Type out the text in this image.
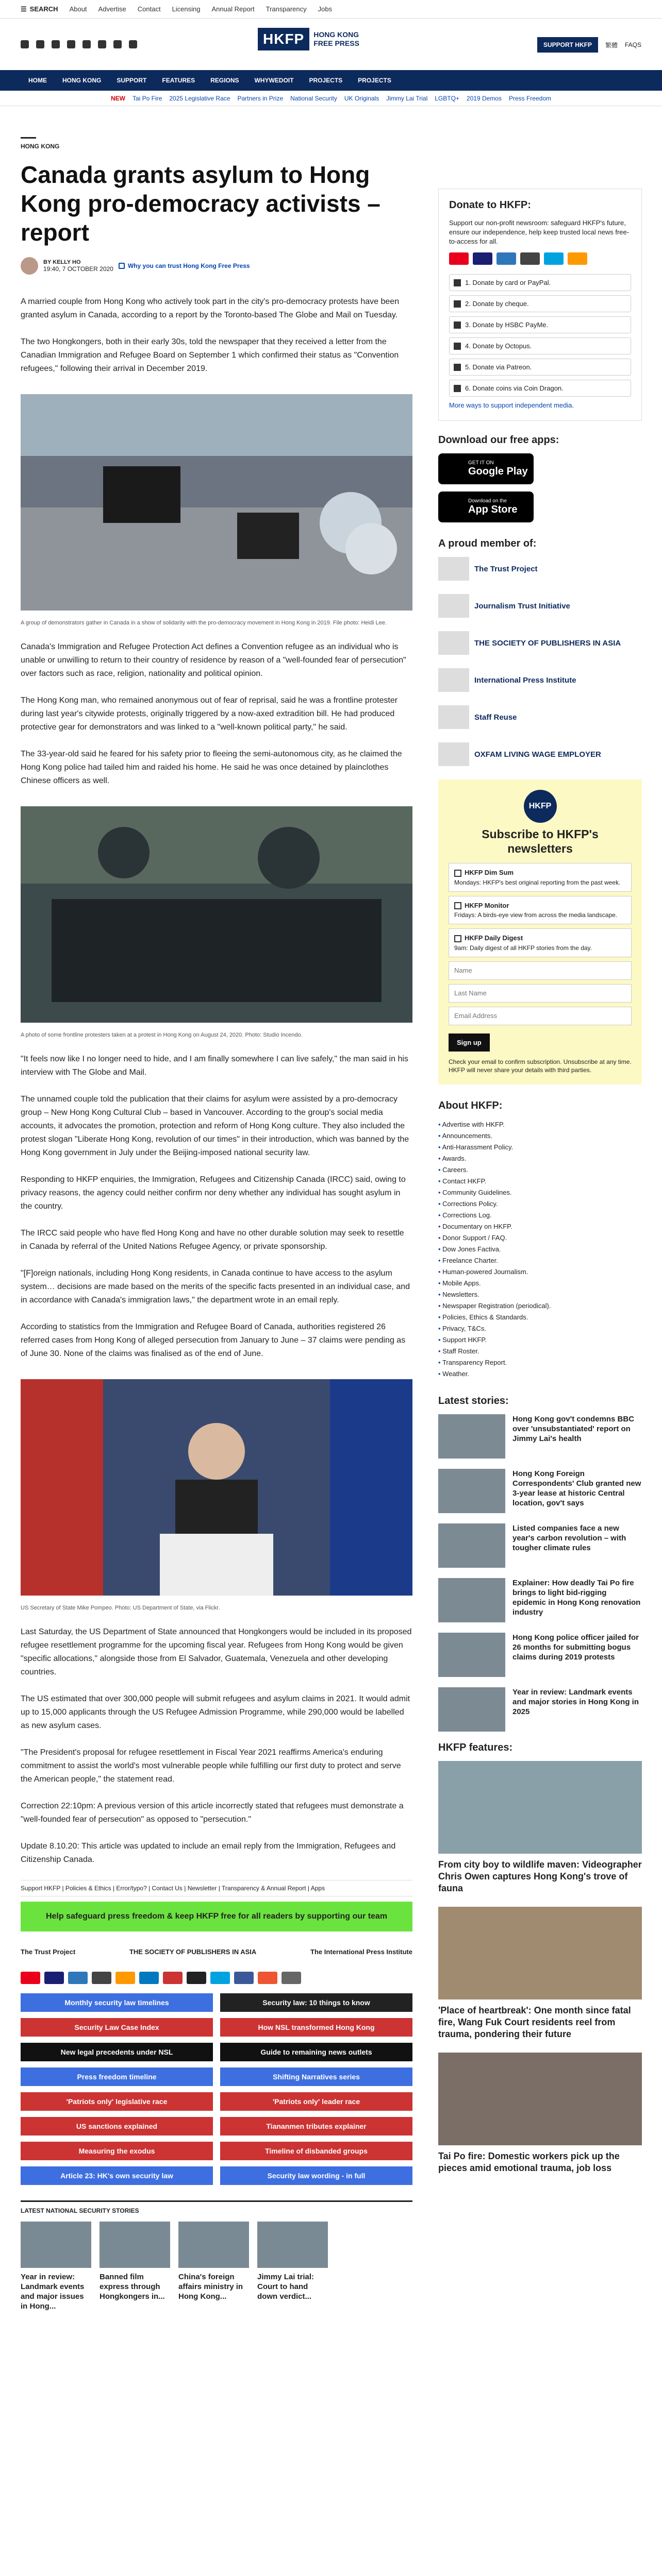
☰ SEARCH About Advertise Contact Licensing Annual Report Transparency Jobs
HKFP	HONG KONG
FREE PRESS	SUPPORT HKFP	繁體 FAQS
HOME	HONG KONG	SUPPORT	FEATURES	REGIONS	WHYWEDOIT	PROJECTS	PROJECTS
NEW Tai Po Fire 2025 Legislative Race Partners in Prize National Security UK Originals Jimmy Lai Trial LGBTQ+ 2019 Demos Press Freedom
HONG KONG
Canada grants asylum to Hong Kong pro-democracy activists – report
BY KELLY HO
19:40, 7 OCTOBER 2020 Why you can trust Hong Kong Free Press

A married couple from Hong Kong who actively took part in the city's pro-democracy protests have been granted asylum in Canada, according to a report by the Toronto-based The Globe and Mail on Tuesday.

The two Hongkongers, both in their early 30s, told the newspaper that they received a letter from the Canadian Immigration and Refugee Board on September 1 which confirmed their status as "Convention refugees," following their arrival in December 2019.

A group of demonstrators gather in Canada in a show of solidarity with the pro-democracy movement in Hong Kong in 2019. File photo: Heidi Lee.

Canada's Immigration and Refugee Protection Act defines a Convention refugee as an individual who is unable or unwilling to return to their country of residence by reason of a "well-founded fear of persecution" over factors such as race, religion, nationality and political opinion.

The Hong Kong man, who remained anonymous out of fear of reprisal, said he was a frontline protester during last year's citywide protests, originally triggered by a now-axed extradition bill. He had produced protective gear for demonstrators and was linked to a "well-known political party," he said.

The 33-year-old said he feared for his safety prior to fleeing the semi-autonomous city, as he claimed the Hong Kong police had tailed him and raided his home. He said he was once detained by plainclothes Chinese officers as well.

A photo of some frontline protesters taken at a protest in Hong Kong on August 24, 2020. Photo: Studio Incendo.

"It feels now like I no longer need to hide, and I am finally somewhere I can live safely," the man said in his interview with The Globe and Mail.

The unnamed couple told the publication that their claims for asylum were assisted by a pro-democracy group – New Hong Kong Cultural Club – based in Vancouver. According to the group's social media accounts, it advocates the promotion, protection and reform of Hong Kong culture. They also included the protest slogan "Liberate Hong Kong, revolution of our times" in their introduction, which was banned by the Hong Kong government in July under the Beijing-imposed national security law.

Responding to HKFP enquiries, the Immigration, Refugees and Citizenship Canada (IRCC) said, owing to privacy reasons, the agency could neither confirm nor deny whether any individual has sought asylum in the country.

The IRCC said people who have fled Hong Kong and have no other durable solution may seek to resettle in Canada by referral of the United Nations Refugee Agency, or private sponsorship.

"[F]oreign nationals, including Hong Kong residents, in Canada continue to have access to the asylum system… decisions are made based on the merits of the specific facts presented in an individual case, and in accordance with Canada's immigration laws," the department wrote in an email reply.

According to statistics from the Immigration and Refugee Board of Canada, authorities registered 26 referred cases from Hong Kong of alleged persecution from January to June – 37 claims were pending as of June 30. None of the claims was finalised as of the end of June.

US Secretary of State Mike Pompeo. Photo: US Department of State, via Flickr.

Last Saturday, the US Department of State announced that Hongkongers would be included in its proposed refugee resettlement programme for the upcoming fiscal year. Refugees from Hong Kong would be given "specific allocations," alongside those from El Salvador, Guatemala, Venezuela and other developing countries.

The US estimated that over 300,000 people will submit refugees and asylum claims in 2021. It would admit up to 15,000 applicants through the US Refugee Admission Programme, while 290,000 would be labelled as new asylum cases.

"The President's proposal for refugee resettlement in Fiscal Year 2021 reaffirms America's enduring commitment to assist the world's most vulnerable people while fulfilling our first duty to protect and serve the American people," the statement read.

Correction 22:10pm: A previous version of this article incorrectly stated that refugees must demonstrate a "well-founded fear of persecution" as opposed to "persecution."

Update 8.10.20: This article was updated to include an email reply from the Immigration, Refugees and Citizenship Canada.

Support HKFP | Policies & Ethics | Error/typo? | Contact Us | Newsletter | Transparency & Annual Report | Apps
Help safeguard press freedom & keep HKFP free for all readers by supporting our team
The Trust Project	THE SOCIETY OF PUBLISHERS IN ASIA	The International Press Institute
Monthly security law timelines	Security law: 10 things to know
Security Law Case Index	How NSL transformed Hong Kong
New legal precedents under NSL	Guide to remaining news outlets
Press freedom timeline	Shifting Narratives series
'Patriots only' legislative race	'Patriots only' leader race
US sanctions explained	Tiananmen tributes explainer
Measuring the exodus	Timeline of disbanded groups
Article 23: HK's own security law	Security law wording - in full
LATEST NATIONAL SECURITY STORIES

Year in review: Landmark events and major issues in Hong...

Banned film express through Hongkongers in...

China's foreign affairs ministry in Hong Kong...

Jimmy Lai trial: Court to hand down verdict...

Donate to HKFP:

Support our non-profit newsroom: safeguard HKFP's future, ensure our independence, help keep trusted local news free-to-access for all.

1. Donate by card or PayPal.
2. Donate by cheque.
3. Donate by HSBC PayMe.
4. Donate by Octopus.
5. Donate via Patreon.
6. Donate coins via Coin Dragon.
More ways to support independent media.
Download our free apps:
GET IT ON
Google Play
Download on the
App Store
A proud member of:
The Trust Project
Journalism Trust Initiative
THE SOCIETY OF PUBLISHERS IN ASIA
International Press Institute
Staff Reuse
OXFAM LIVING WAGE EMPLOYER
HKFP
Subscribe to HKFP's newsletters
HKFP Dim Sum
Mondays: HKFP's best original reporting from the past week.
HKFP Monitor
Fridays: A birds-eye view from across the media landscape.
HKFP Daily Digest
9am: Daily digest of all HKFP stories from the day.
Name Last Name Email Address Sign up
Check your email to confirm subscription. Unsubscribe at any time. HKFP will never share your details with third parties.
About HKFP:
• Advertise with HKFP.
• Announcements.
• Anti-Harassment Policy.
• Awards.
• Careers.
• Contact HKFP.
• Community Guidelines.
• Corrections Policy.
• Corrections Log.
• Documentary on HKFP.
• Donor Support / FAQ.
• Dow Jones Factiva.
• Freelance Charter.
• Human-powered Journalism.
• Mobile Apps.
• Newsletters.
• Newspaper Registration (periodical).
• Policies, Ethics & Standards.
• Privacy, T&Cs.
• Support HKFP.
• Staff Roster.
• Transparency Report.
• Weather.
Latest stories:

Hong Kong gov't condemns BBC over 'unsubstantiated' report on Jimmy Lai's health

Hong Kong Foreign Correspondents' Club granted new 3-year lease at historic Central location, gov't says

Listed companies face a new year's carbon revolution – with tougher climate rules

Explainer: How deadly Tai Po fire brings to light bid-rigging epidemic in Hong Kong renovation industry

Hong Kong police officer jailed for 26 months for submitting bogus claims during 2019 protests

Year in review: Landmark events and major stories in Hong Kong in 2025

HKFP features:

From city boy to wildlife maven: Videographer Chris Owen captures Hong Kong's trove of fauna

'Place of heartbreak': One month since fatal fire, Wang Fuk Court residents reel from trauma, pondering their future

Tai Po fire: Domestic workers pick up the pieces amid emotional trauma, job loss
